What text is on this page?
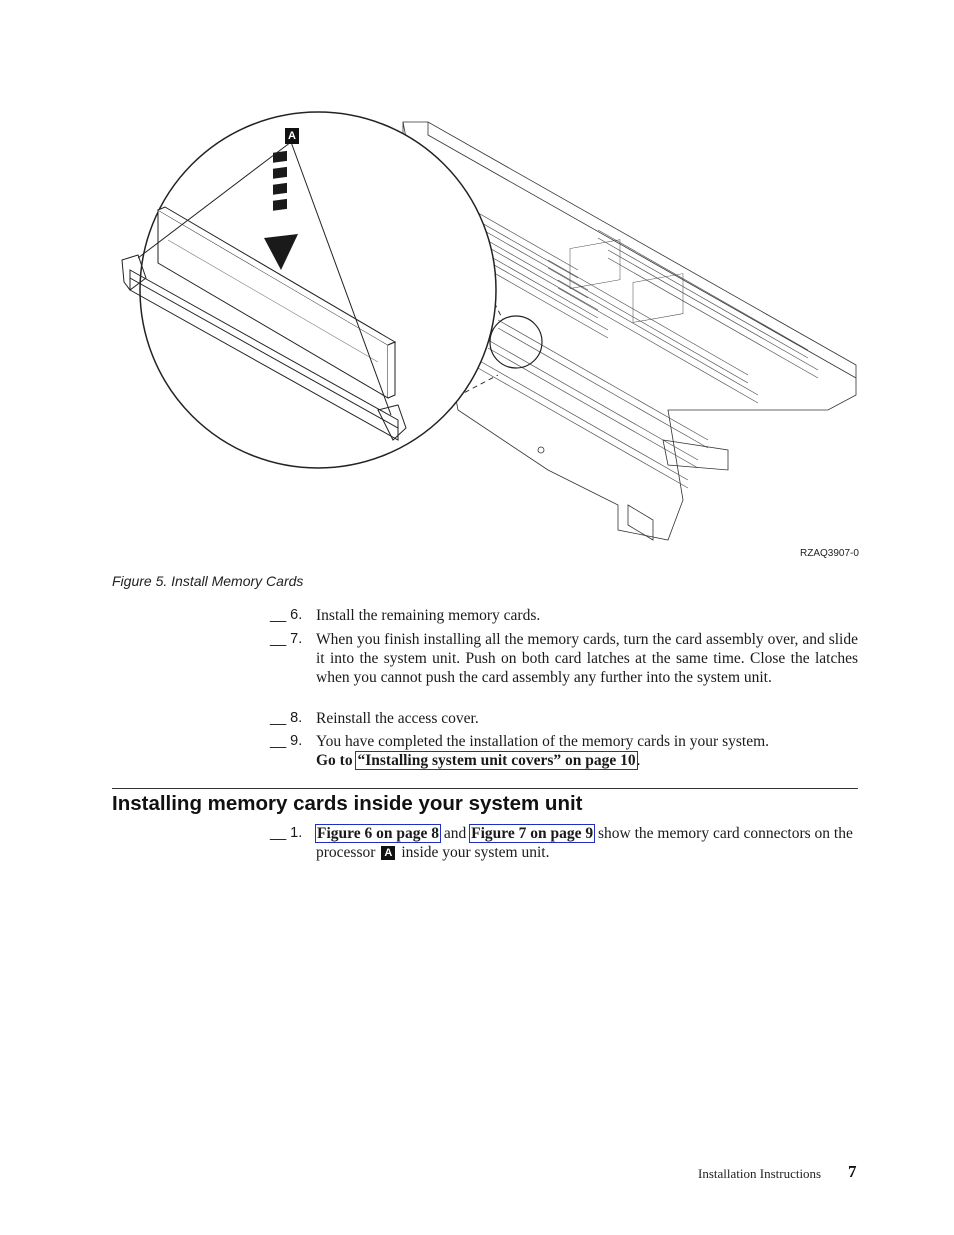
A
RZAQ3907-0
Figure 5. Install Memory Cards
__ 6. Install the remaining memory cards.
__ 7. When you finish installing all the memory cards, turn the card assembly over, and slide it into the system unit. Push on both card latches at the same time. Close the latches when you cannot push the card assembly any further into the system unit.
__ 8. Reinstall the access cover.
__ 9. You have completed the installation of the memory cards in your system.
Go to “Installing system unit covers” on page 10.
Installing memory cards inside your system unit
__ 1. Figure 6 on page 8 and Figure 7 on page 9 show the memory card connectors on the processor A inside your system unit.
Installation Instructions 7
